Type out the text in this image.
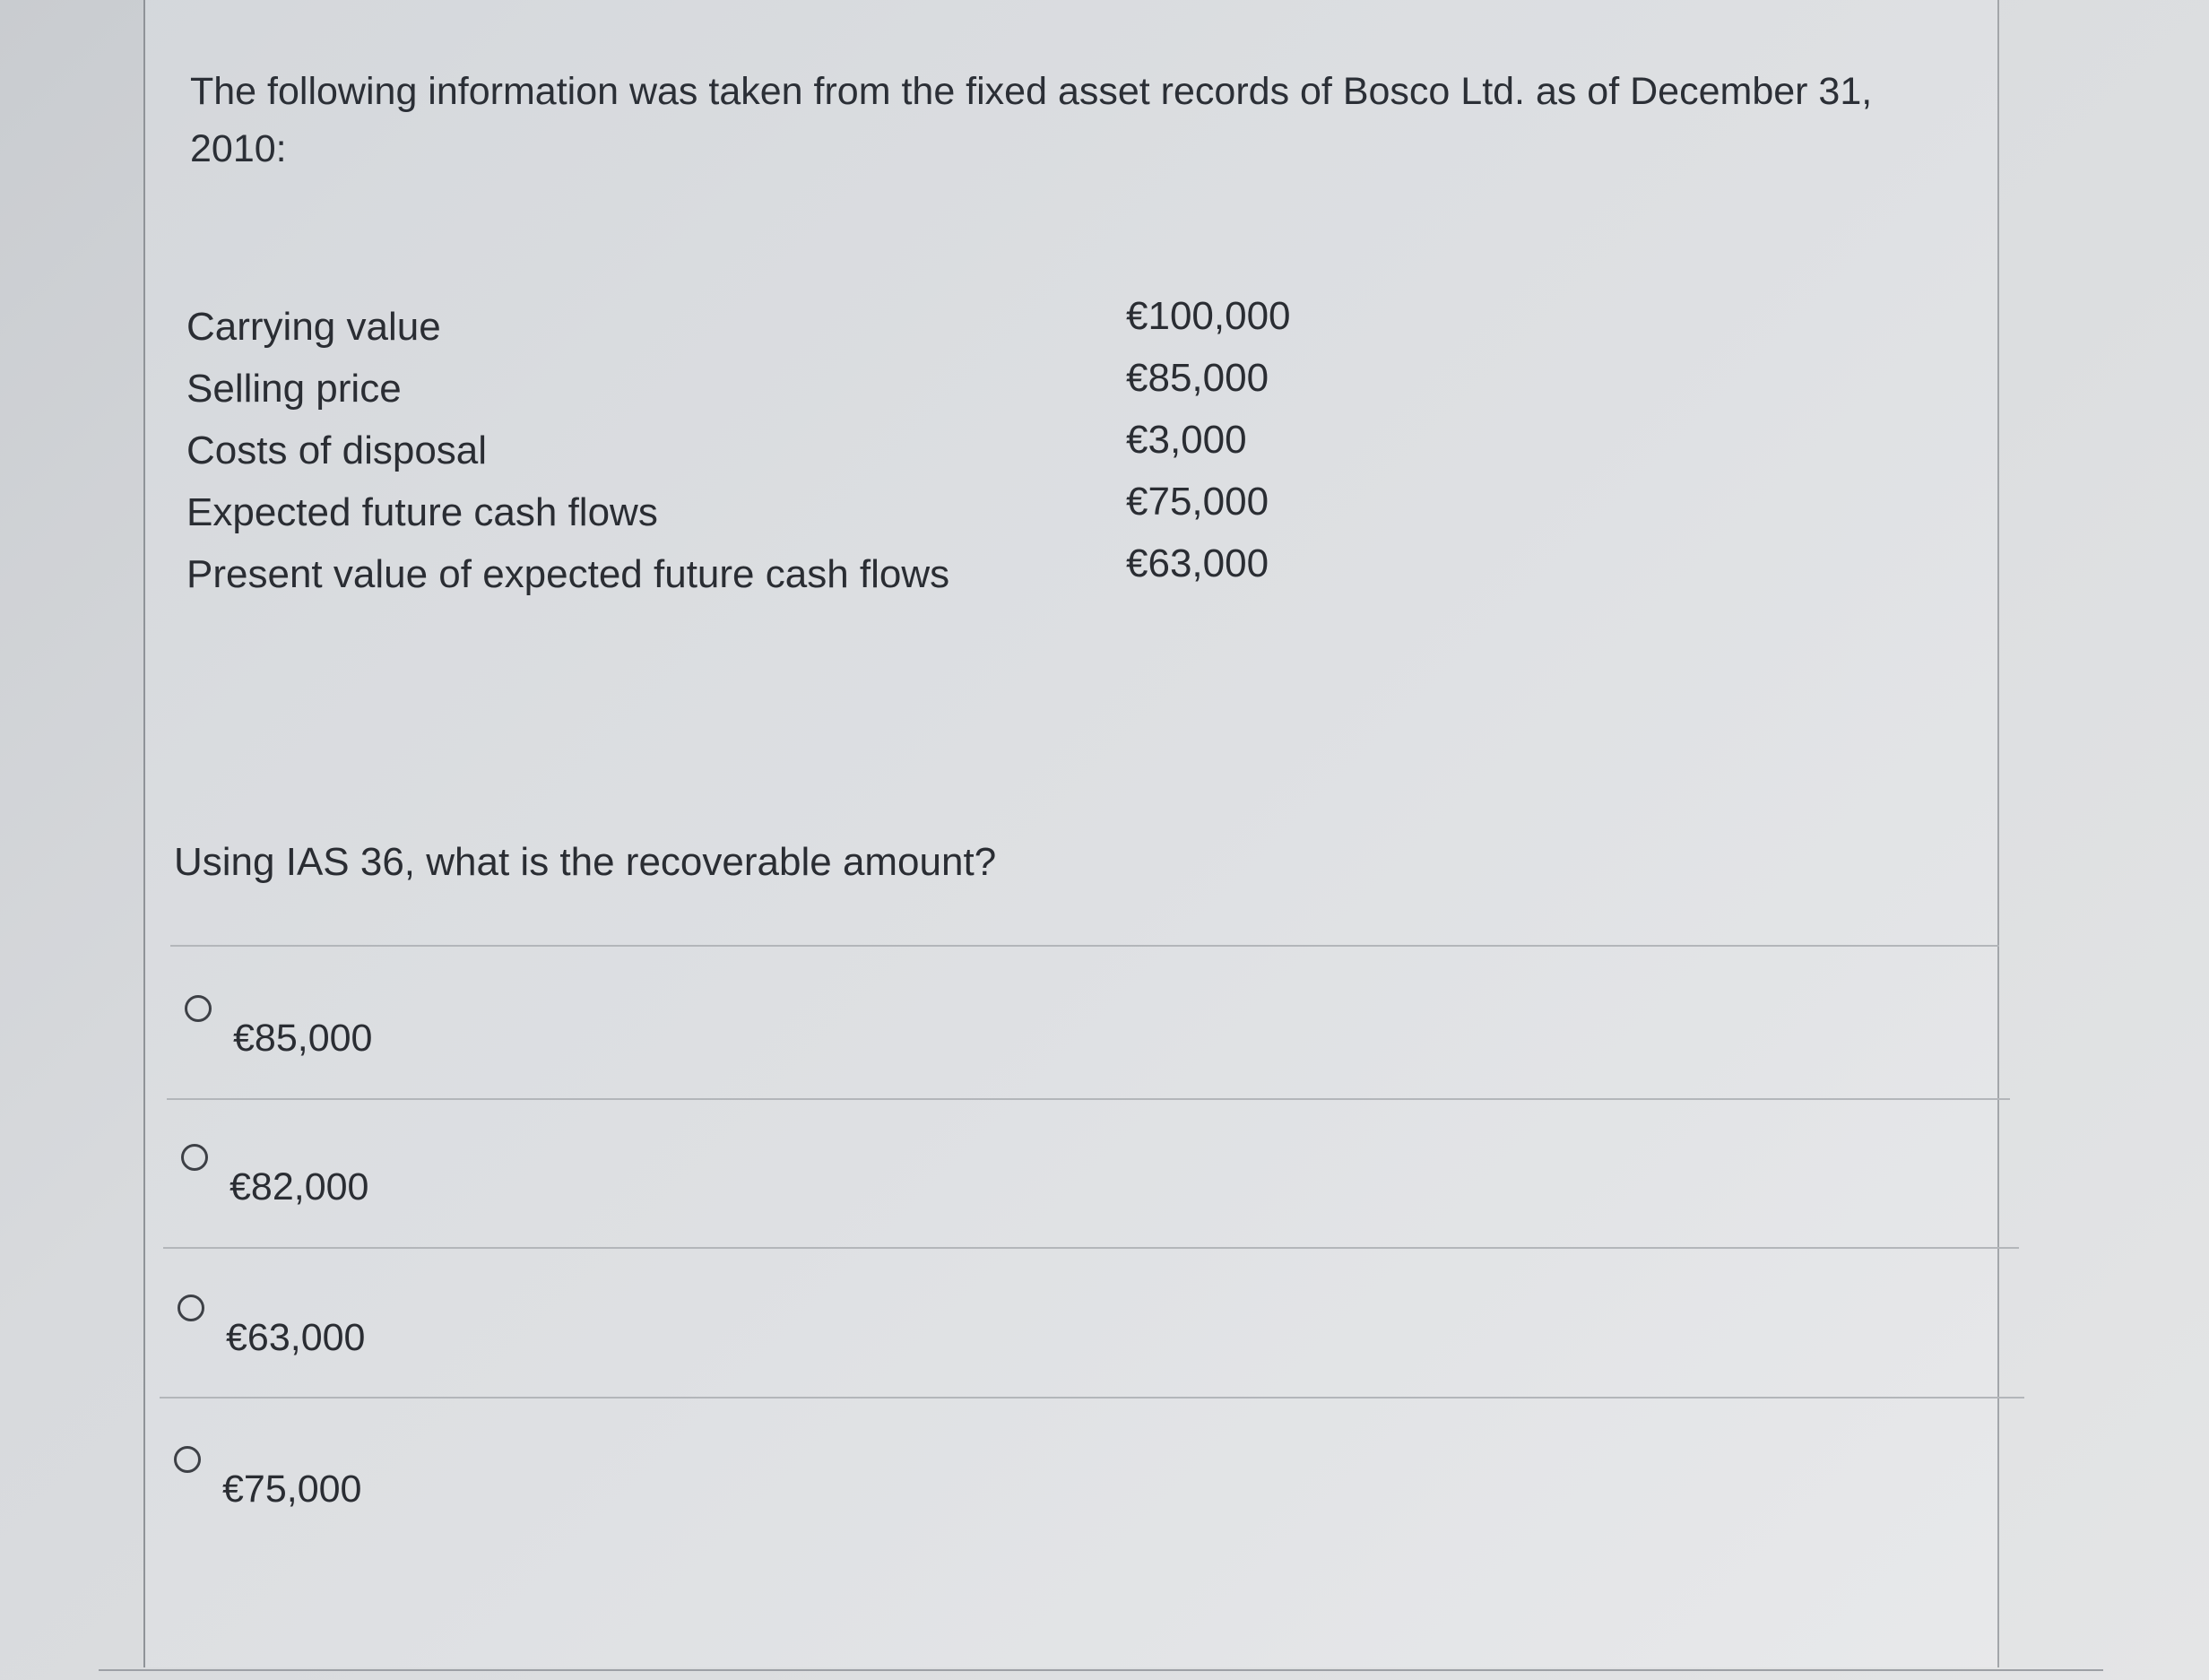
The following information was taken from the fixed asset records of Bosco Ltd. as of December 31, 2010:
Carrying value	€100,000
Selling price	€85,000
Costs of disposal	€3,000
Expected future cash flows	€75,000
Present value of expected future cash flows	€63,000
Using IAS 36, what is the recoverable amount?
€85,000
€82,000
€63,000
€75,000
